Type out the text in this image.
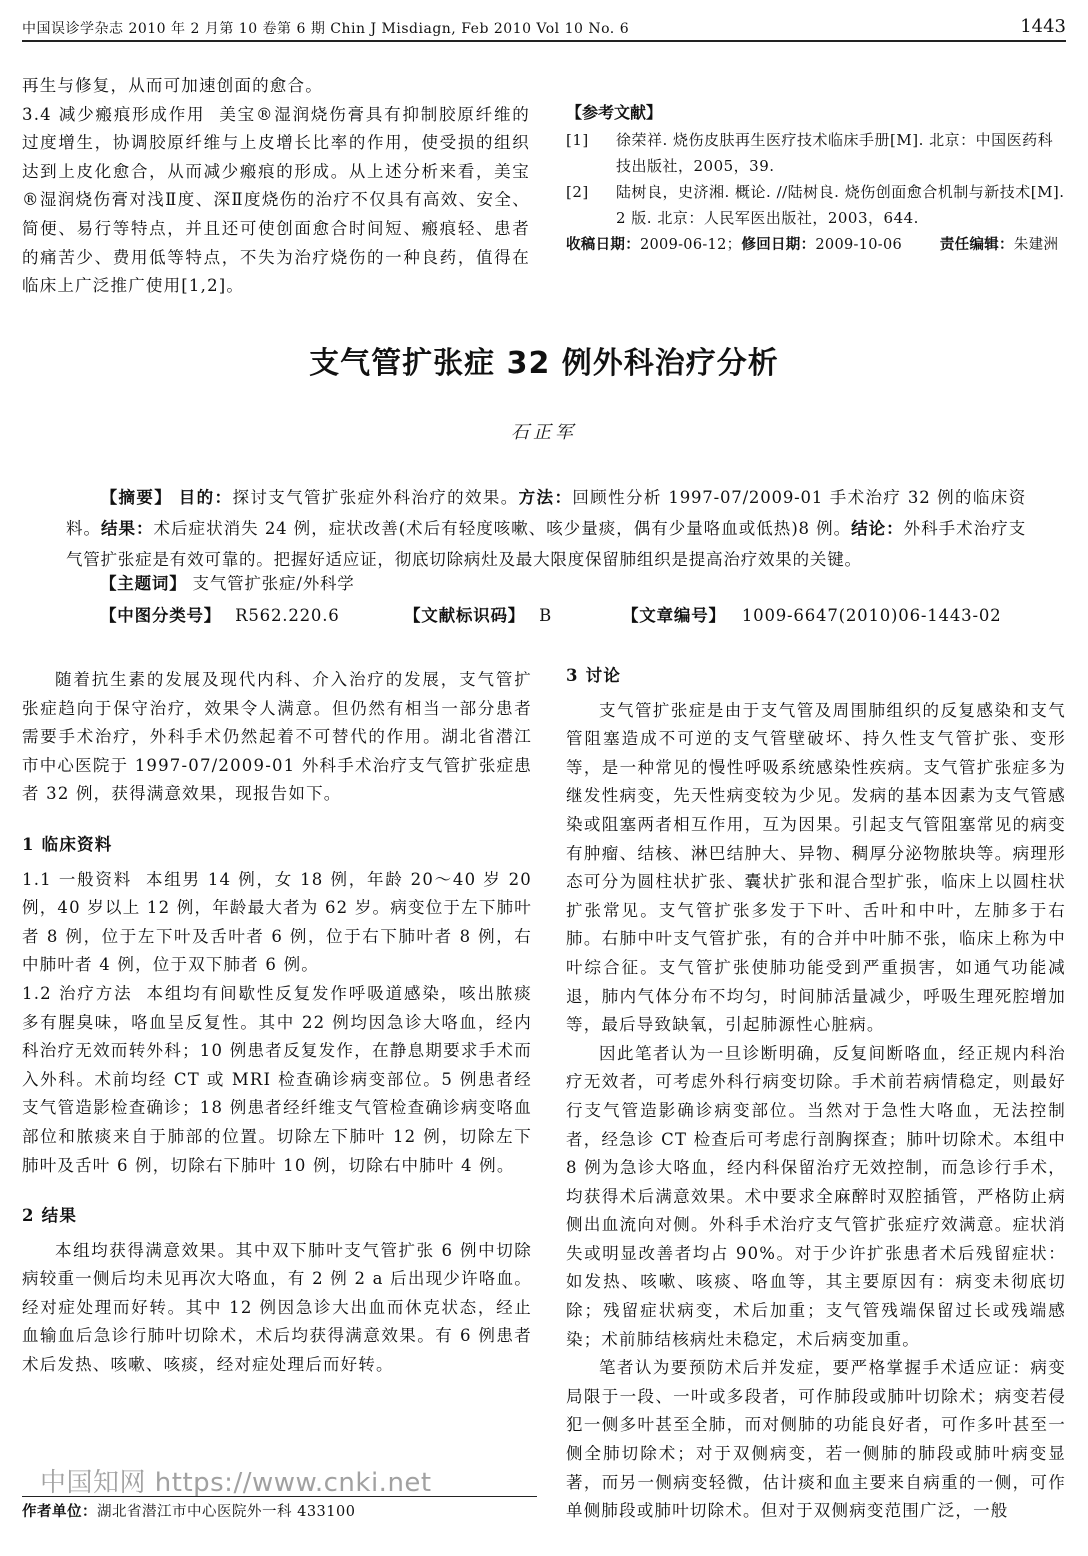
中国误诊学杂志 2010 年 2 月第 10 卷第 6 期 Chin J Misdiagn, Feb 2010 Vol 10 No. 6	1443
再生与修复，从而可加速创面的愈合。
3.4 减少瘢痕形成作用 美宝®湿润烧伤膏具有抑制胶原纤维的过度增生，协调胶原纤维与上皮增长比率的作用，使受损的组织达到上皮化愈合，从而减少瘢痕的形成。从上述分析来看，美宝®湿润烧伤膏对浅Ⅱ度、深Ⅱ度烧伤的治疗不仅具有高效、安全、简便、易行等特点，并且还可使创面愈合时间短、瘢痕轻、患者的痛苦少、费用低等特点，不失为治疗烧伤的一种良药，值得在临床上广泛推广使用[1,2]。
【参考文献】
[1] 徐荣祥. 烧伤皮肤再生医疗技术临床手册[M]. 北京：中国医药科技出版社，2005，39.
[2] 陆树良，史济湘. 概论. //陆树良. 烧伤创面愈合机制与新技术[M]. 2 版. 北京：人民军医出版社，2003，644.
收稿日期：2009-06-12；修回日期：2009-10-06	责任编辑：朱建洲
支气管扩张症 32 例外科治疗分析
石正军
【摘要】 目的：探讨支气管扩张症外科治疗的效果。方法：回顾性分析 1997-07/2009-01 手术治疗 32 例的临床资料。结果：术后症状消失 24 例，症状改善(术后有轻度咳嗽、咳少量痰，偶有少量咯血或低热)8 例。结论：外科手术治疗支气管扩张症是有效可靠的。把握好适应证，彻底切除病灶及最大限度保留肺组织是提高治疗效果的关键。
【主题词】 支气管扩张症/外科学
【中图分类号】 R562.220.6	【文献标识码】 B	【文章编号】 1009-6647(2010)06-1443-02
随着抗生素的发展及现代内科、介入治疗的发展，支气管扩张症趋向于保守治疗，效果令人满意。但仍然有相当一部分患者需要手术治疗，外科手术仍然起着不可替代的作用。湖北省潜江市中心医院于 1997-07/2009-01 外科手术治疗支气管扩张症患者 32 例，获得满意效果，现报告如下。
1 临床资料
1.1 一般资料 本组男 14 例，女 18 例，年龄 20～40 岁 20 例，40 岁以上 12 例，年龄最大者为 62 岁。病变位于左下肺叶者 8 例，位于左下叶及舌叶者 6 例，位于右下肺叶者 8 例，右中肺叶者 4 例，位于双下肺者 6 例。
1.2 治疗方法 本组均有间歇性反复发作呼吸道感染，咳出脓痰多有腥臭味，咯血呈反复性。其中 22 例均因急诊大咯血，经内科治疗无效而转外科；10 例患者反复发作，在静息期要求手术而入外科。术前均经 CT 或 MRI 检查确诊病变部位。5 例患者经支气管造影检查确诊；18 例患者经纤维支气管检查确诊病变咯血部位和脓痰来自于肺部的位置。切除左下肺叶 12 例，切除左下肺叶及舌叶 6 例，切除右下肺叶 10 例，切除右中肺叶 4 例。
2 结果
本组均获得满意效果。其中双下肺叶支气管扩张 6 例中切除病较重一侧后均未见再次大咯血，有 2 例 2 a 后出现少许咯血。经对症处理而好转。其中 12 例因急诊大出血而休克状态，经止血输血后急诊行肺叶切除术，术后均获得满意效果。有 6 例患者术后发热、咳嗽、咳痰，经对症处理后而好转。
3 讨论
支气管扩张症是由于支气管及周围肺组织的反复感染和支气管阻塞造成不可逆的支气管壁破坏、持久性支气管扩张、变形等，是一种常见的慢性呼吸系统感染性疾病。支气管扩张症多为继发性病变，先天性病变较为少见。发病的基本因素为支气管感染或阻塞两者相互作用，互为因果。引起支气管阻塞常见的病变有肿瘤、结核、淋巴结肿大、异物、稠厚分泌物脓块等。病理形态可分为圆柱状扩张、囊状扩张和混合型扩张，临床上以圆柱状扩张常见。支气管扩张多发于下叶、舌叶和中叶，左肺多于右肺。右肺中叶支气管扩张，有的合并中叶肺不张，临床上称为中叶综合征。支气管扩张使肺功能受到严重损害，如通气功能减退，肺内气体分布不均匀，时间肺活量减少，呼吸生理死腔增加等，最后导致缺氧，引起肺源性心脏病。
因此笔者认为一旦诊断明确，反复间断咯血，经正规内科治疗无效者，可考虑外科行病变切除。手术前若病情稳定，则最好行支气管造影确诊病变部位。当然对于急性大咯血，无法控制者，经急诊 CT 检查后可考虑行剖胸探查；肺叶切除术。本组中 8 例为急诊大咯血，经内科保留治疗无效控制，而急诊行手术，均获得术后满意效果。术中要求全麻醉时双腔插管，严格防止病侧出血流向对侧。外科手术治疗支气管扩张症疗效满意。症状消失或明显改善者均占 90%。对于少许扩张患者术后残留症状：如发热、咳嗽、咳痰、咯血等，其主要原因有：病变未彻底切除；残留症状病变，术后加重；支气管残端保留过长或残端感染；术前肺结核病灶未稳定，术后病变加重。
笔者认为要预防术后并发症，要严格掌握手术适应证：病变局限于一段、一叶或多段者，可作肺段或肺叶切除术；病变若侵犯一侧多叶甚至全肺，而对侧肺的功能良好者，可作多叶甚至一侧全肺切除术；对于双侧病变，若一侧肺的肺段或肺叶病变显著，而另一侧病变轻微，估计痰和血主要来自病重的一侧，可作单侧肺段或肺叶切除术。但对于双侧病变范围广泛，一般
中国知网 https://www.cnki.net
作者单位：湖北省潜江市中心医院外一科 433100
